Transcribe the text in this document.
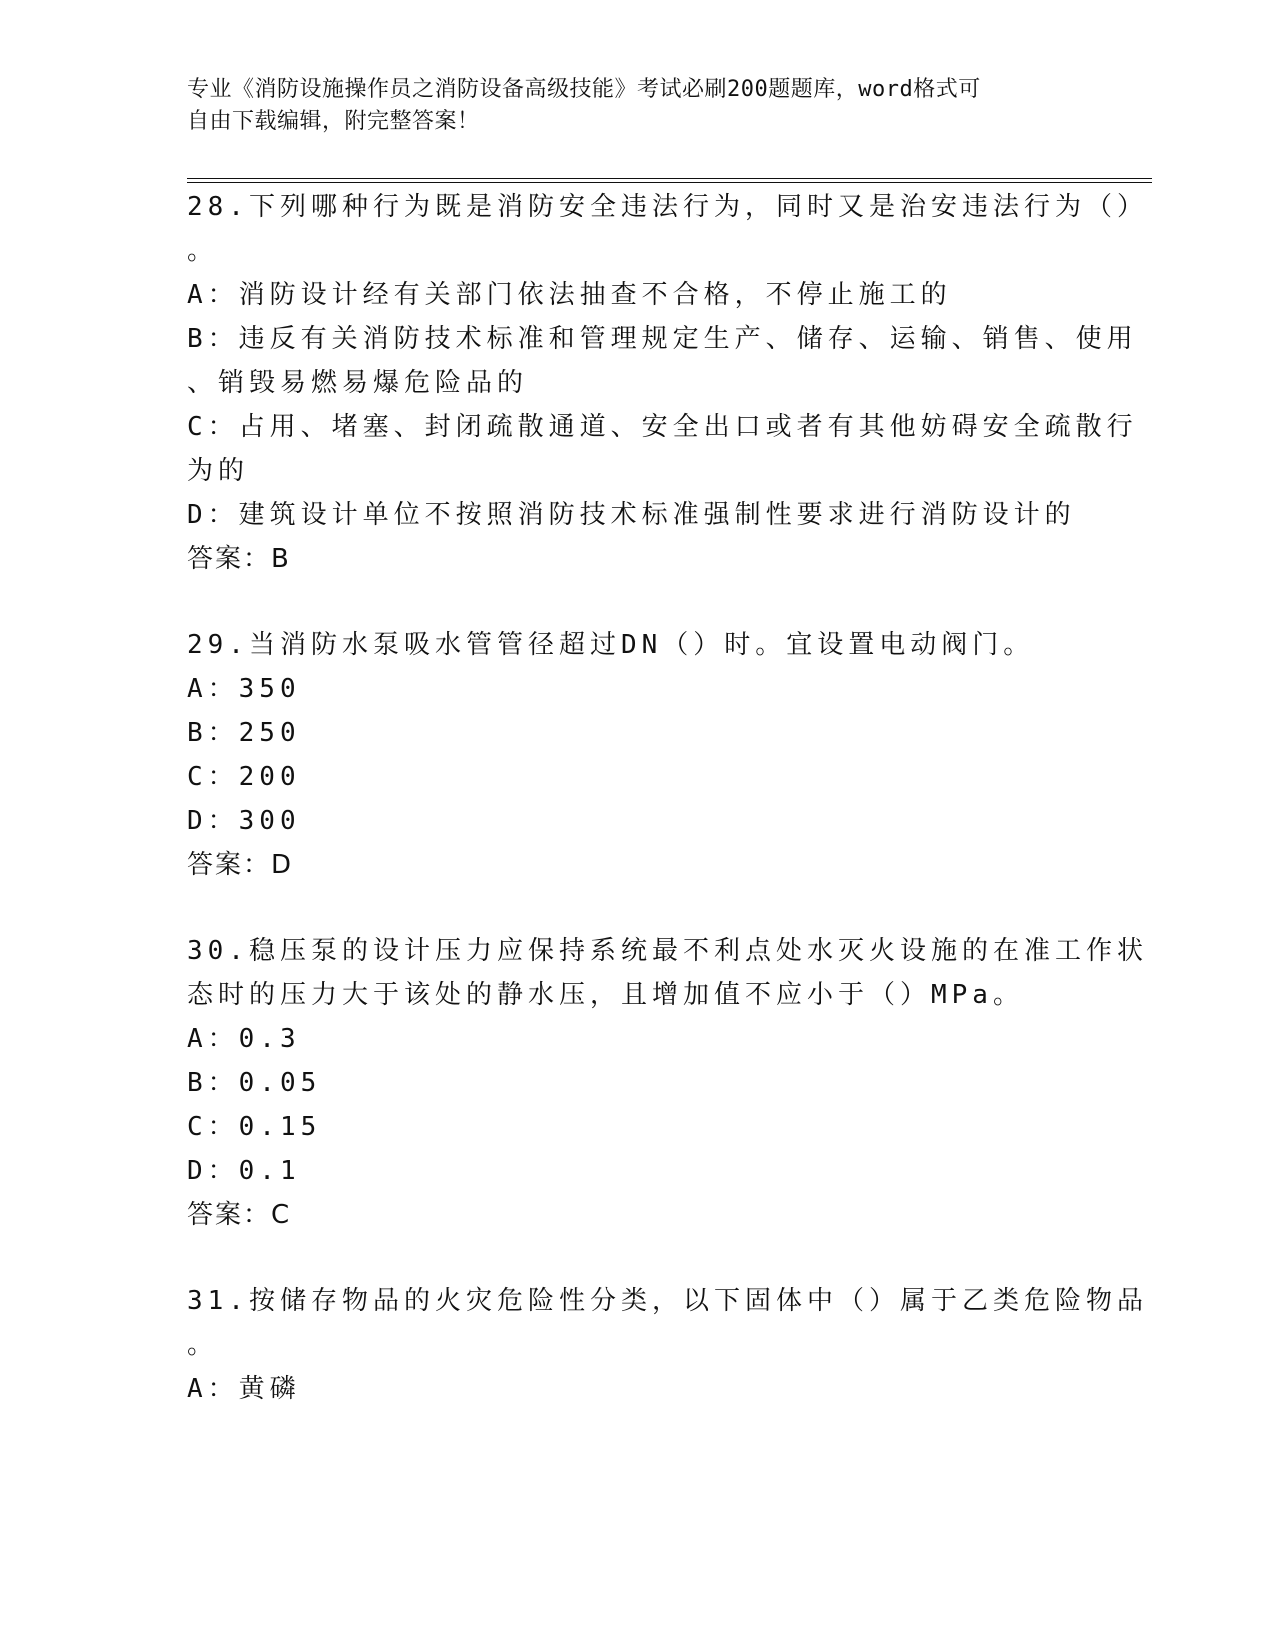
专业《消防设施操作员之消防设备高级技能》考试必刷200题题库，word格式可
自由下载编辑，附完整答案！
28.下列哪种行为既是消防安全违法行为，同时又是治安违法行为（）
。
A：消防设计经有关部门依法抽查不合格，不停止施工的
B：违反有关消防技术标准和管理规定生产、储存、运输、销售、使用
、销毁易燃易爆危险品的
C：占用、堵塞、封闭疏散通道、安全出口或者有其他妨碍安全疏散行
为的
D：建筑设计单位不按照消防技术标准强制性要求进行消防设计的
答案：B
29.当消防水泵吸水管管径超过DN（）时。宜设置电动阀门。
A：350
B：250
C：200
D：300
答案：D
30.稳压泵的设计压力应保持系统最不利点处水灭火设施的在准工作状
态时的压力大于该处的静水压，且增加值不应小于（）MPa。
A：0.3
B：0.05
C：0.15
D：0.1
答案：C
31.按储存物品的火灾危险性分类，以下固体中（）属于乙类危险物品
。
A：黄磷
